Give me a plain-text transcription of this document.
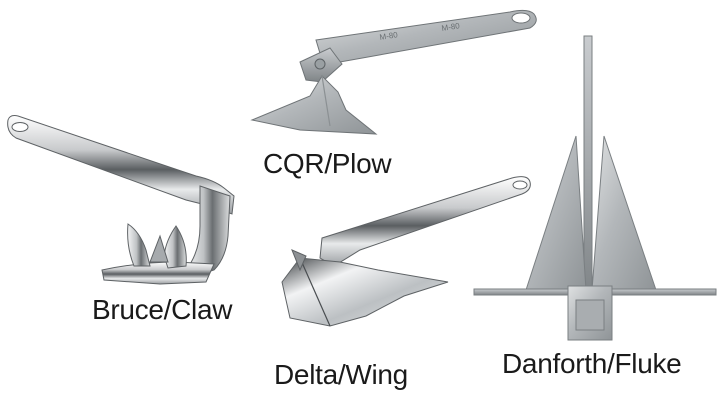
M-80
M-80
CQR/Plow
Bruce/Claw
Delta/Wing	Danforth/Fluke
